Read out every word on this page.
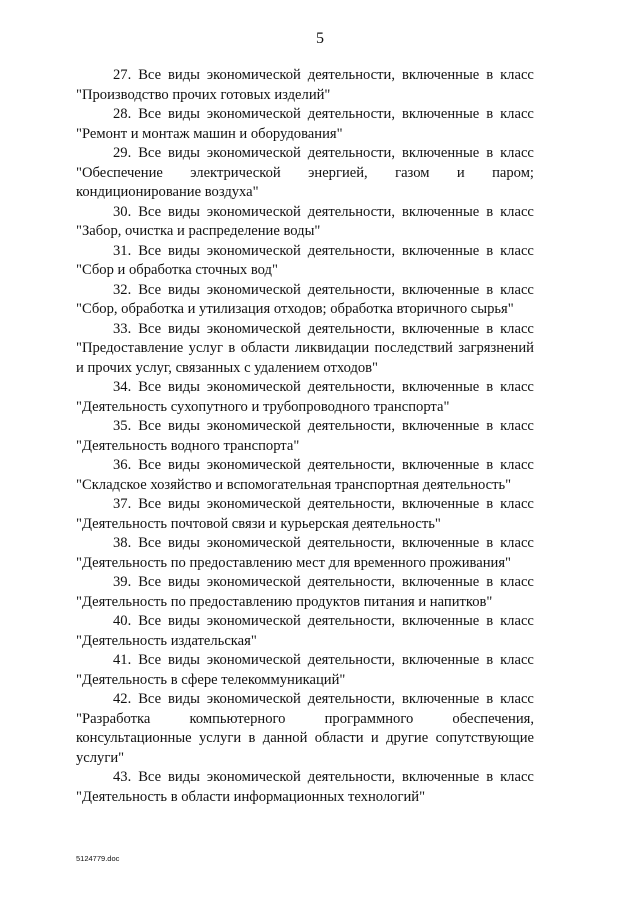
5
27. Все виды экономической деятельности, включенные в класс
"Производство прочих готовых изделий"
28. Все виды экономической деятельности, включенные в класс
"Ремонт и монтаж машин и оборудования"
29. Все виды экономической деятельности, включенные в класс
"Обеспечение электрической энергией, газом и паром; кондиционирование воздуха"
30. Все виды экономической деятельности, включенные в класс
"Забор, очистка и распределение воды"
31. Все виды экономической деятельности, включенные в класс
"Сбор и обработка сточных вод"
32. Все виды экономической деятельности, включенные в класс
"Сбор, обработка и утилизация отходов; обработка вторичного сырья"
33. Все виды экономической деятельности, включенные в класс
"Предоставление услуг в области ликвидации последствий загрязнений и прочих услуг, связанных с удалением отходов"
34. Все виды экономической деятельности, включенные в класс
"Деятельность сухопутного и трубопроводного транспорта"
35. Все виды экономической деятельности, включенные в класс
"Деятельность водного транспорта"
36. Все виды экономической деятельности, включенные в класс
"Складское хозяйство и вспомогательная транспортная деятельность"
37. Все виды экономической деятельности, включенные в класс
"Деятельность почтовой связи и курьерская деятельность"
38. Все виды экономической деятельности, включенные в класс
"Деятельность по предоставлению мест для временного проживания"
39. Все виды экономической деятельности, включенные в класс
"Деятельность по предоставлению продуктов питания и напитков"
40. Все виды экономической деятельности, включенные в класс
"Деятельность издательская"
41. Все виды экономической деятельности, включенные в класс
"Деятельность в сфере телекоммуникаций"
42. Все виды экономической деятельности, включенные в класс
"Разработка компьютерного программного обеспечения,
консультационные услуги в данной области и другие сопутствующие услуги"
43. Все виды экономической деятельности, включенные в класс
"Деятельность в области информационных технологий"
5124779.doc
